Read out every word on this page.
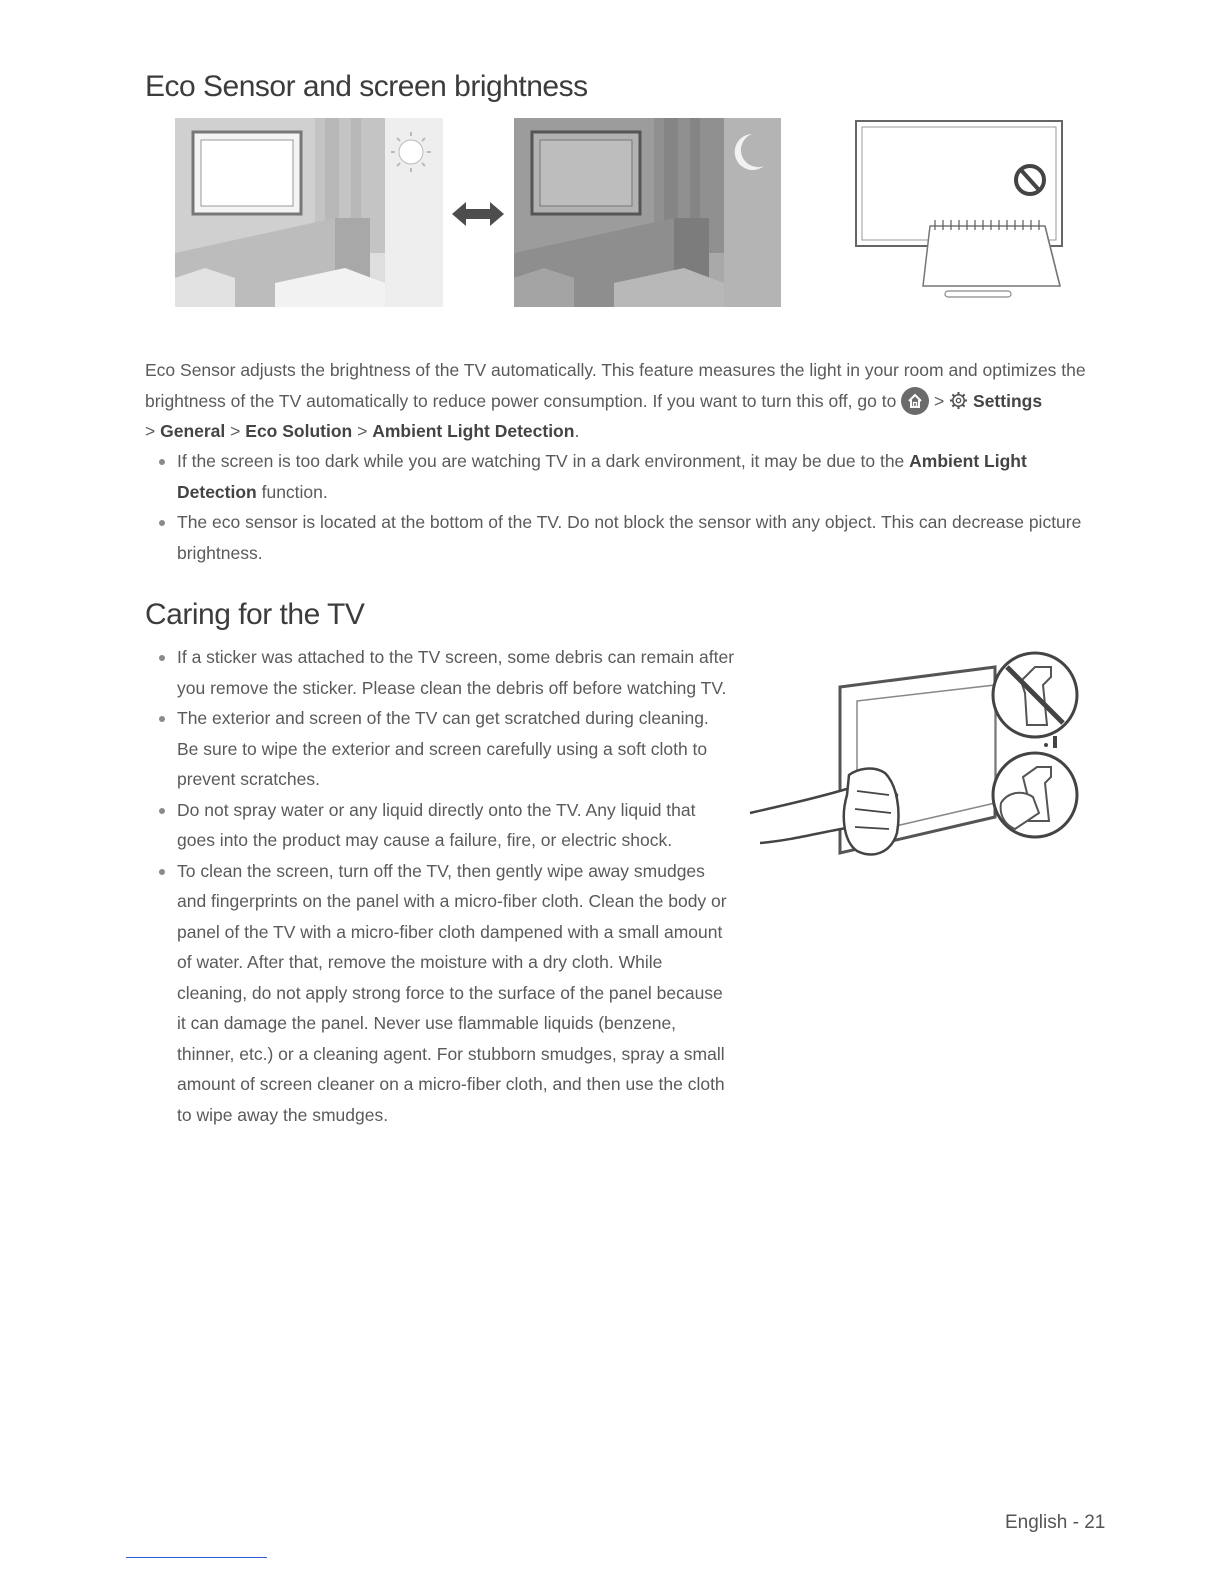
Eco Sensor and screen brightness
Eco Sensor adjusts the brightness of the TV automatically. This feature measures the light in your room and optimizes the brightness of the TV automatically to reduce power consumption. If you want to turn this off, go to > Settings
> General > Eco Solution > Ambient Light Detection.
If the screen is too dark while you are watching TV in a dark environment, it may be due to the Ambient Light Detection function.
The eco sensor is located at the bottom of the TV. Do not block the sensor with any object. This can decrease picture brightness.
Caring for the TV
If a sticker was attached to the TV screen, some debris can remain after you remove the sticker. Please clean the debris off before watching TV.
The exterior and screen of the TV can get scratched during cleaning. Be sure to wipe the exterior and screen carefully using a soft cloth to prevent scratches.
Do not spray water or any liquid directly onto the TV. Any liquid that goes into the product may cause a failure, fire, or electric shock.
To clean the screen, turn off the TV, then gently wipe away smudges and fingerprints on the panel with a micro-fiber cloth. Clean the body or panel of the TV with a micro-fiber cloth dampened with a small amount of water. After that, remove the moisture with a dry cloth. While cleaning, do not apply strong force to the surface of the panel because it can damage the panel. Never use flammable liquids (benzene, thinner, etc.) or a cleaning agent. For stubborn smudges, spray a small amount of screen cleaner on a micro-fiber cloth, and then use the cloth to wipe away the smudges.
English - 21
